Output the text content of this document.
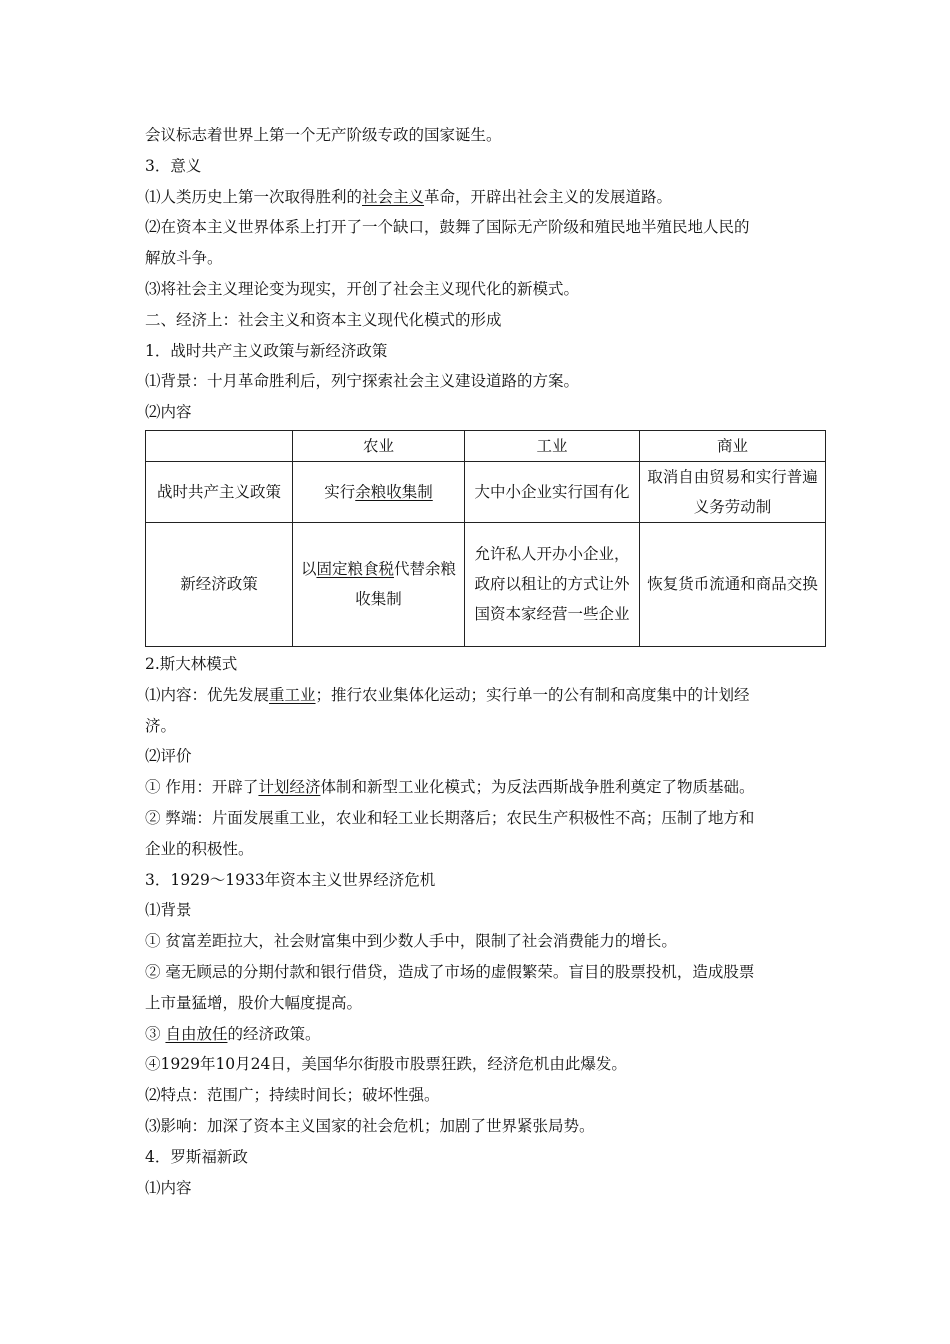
会议标志着世界上第一个无产阶级专政的国家诞生。
3．意义
⑴人类历史上第一次取得胜利的社会主义革命，开辟出社会主义的发展道路。
⑵在资本主义世界体系上打开了一个缺口，鼓舞了国际无产阶级和殖民地半殖民地人民的
解放斗争。
⑶将社会主义理论变为现实，开创了社会主义现代化的新模式。
二、经济上：社会主义和资本主义现代化模式的形成
1．战时共产主义政策与新经济政策
⑴背景：十月革命胜利后，列宁探索社会主义建设道路的方案。
⑵内容
	农业	工业	商业
战时共产主义政策	实行余粮收集制	大中小企业实行国有化	取消自由贸易和实行普遍义务劳动制
新经济政策	以固定粮食税代替余粮收集制	允许私人开办小企业，政府以租让的方式让外国资本家经营一些企业	恢复货币流通和商品交换
2.斯大林模式
⑴内容：优先发展重工业；推行农业集体化运动；实行单一的公有制和高度集中的计划经
济。
⑵评价
① 作用：开辟了计划经济体制和新型工业化模式；为反法西斯战争胜利奠定了物质基础。
② 弊端：片面发展重工业，农业和轻工业长期落后；农民生产积极性不高；压制了地方和
企业的积极性。
3．1929～1933年资本主义世界经济危机
⑴背景
① 贫富差距拉大，社会财富集中到少数人手中，限制了社会消费能力的增长。
② 毫无顾忌的分期付款和银行借贷，造成了市场的虚假繁荣。盲目的股票投机，造成股票
上市量猛增，股价大幅度提高。
③ 自由放任的经济政策。
④1929年10月24日，美国华尔街股市股票狂跌，经济危机由此爆发。
⑵特点：范围广；持续时间长；破坏性强。
⑶影响：加深了资本主义国家的社会危机；加剧了世界紧张局势。
4．罗斯福新政
⑴内容
